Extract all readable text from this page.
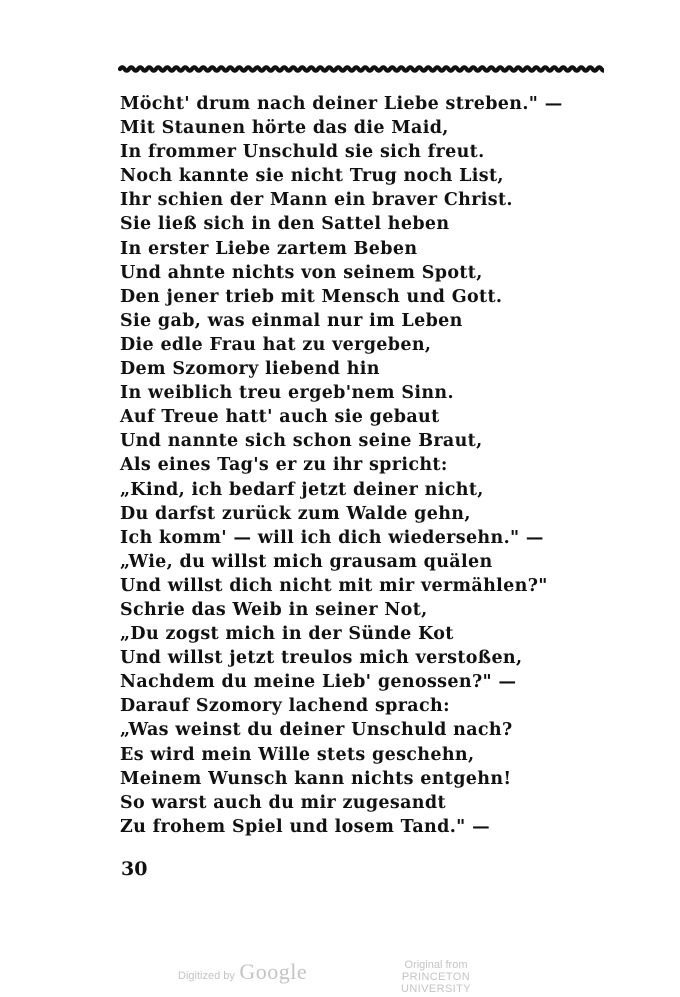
Möcht' drum nach deiner Liebe streben." —
Mit Staunen hörte das die Maid,
In frommer Unschuld sie sich freut.
Noch kannte sie nicht Trug noch List,
Ihr schien der Mann ein braver Christ.
Sie ließ sich in den Sattel heben
In erster Liebe zartem Beben
Und ahnte nichts von seinem Spott,
Den jener trieb mit Mensch und Gott.
Sie gab, was einmal nur im Leben
Die edle Frau hat zu vergeben,
Dem Szomory liebend hin
In weiblich treu ergeb'nem Sinn.
Auf Treue hatt' auch sie gebaut
Und nannte sich schon seine Braut,
Als eines Tag's er zu ihr spricht:
„Kind, ich bedarf jetzt deiner nicht,
Du darfst zurück zum Walde gehn,
Ich komm' — will ich dich wiedersehn." —
„Wie, du willst mich grausam quälen
Und willst dich nicht mit mir vermählen?"
Schrie das Weib in seiner Not,
„Du zogst mich in der Sünde Kot
Und willst jetzt treulos mich verstoßen,
Nachdem du meine Lieb' genossen?" —
Darauf Szomory lachend sprach:
„Was weinst du deiner Unschuld nach?
Es wird mein Wille stets geschehn,
Meinem Wunsch kann nichts entgehn!
So warst auch du mir zugesandt
Zu frohem Spiel und losem Tand." —
30
Digitized by Google	Original from
PRINCETON UNIVERSITY
